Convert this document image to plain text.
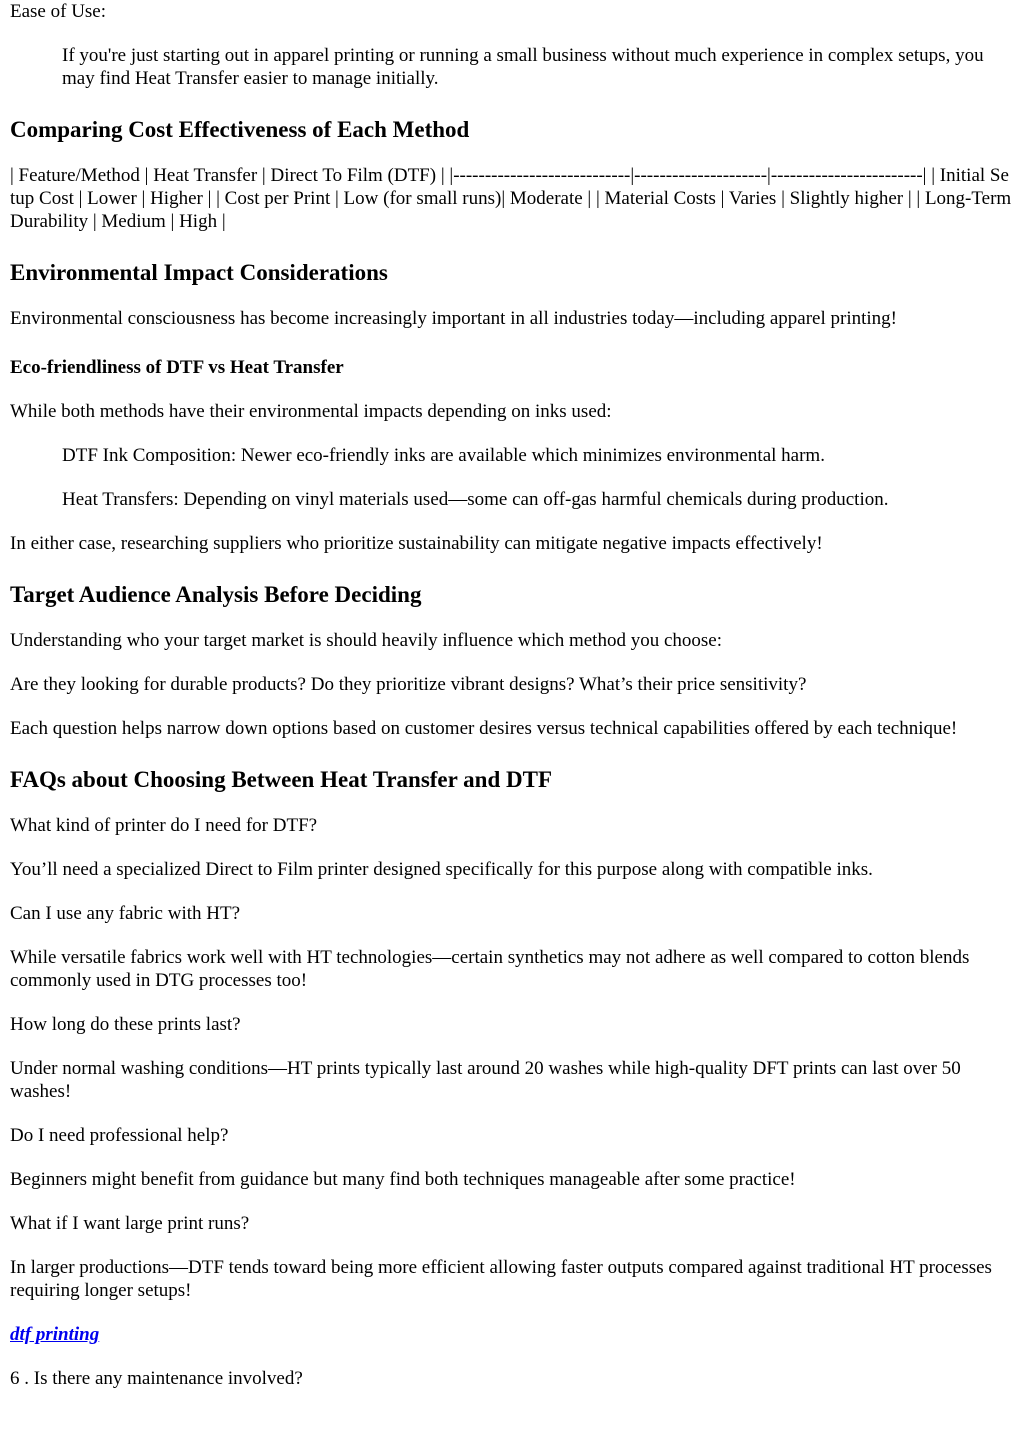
Ease of Use:

If you're just starting out in apparel printing or running a small business without much experience in complex setups, you may find Heat Transfer easier to manage initially.

Comparing Cost Effectiveness of Each Method

| Feature/Method | Heat Transfer | Direct To Film (DTF) | |----------------------------|---------------------|------------------------| | Initial Setup Cost | Lower | Higher | | Cost per Print | Low (for small runs)| Moderate | | Material Costs | Varies | Slightly higher | | Long-Term Durability | Medium | High |

Environmental Impact Considerations

Environmental consciousness has become increasingly important in all industries today—including apparel printing!

Eco-friendliness of DTF vs Heat Transfer

While both methods have their environmental impacts depending on inks used:

DTF Ink Composition: Newer eco-friendly inks are available which minimizes environmental harm.

Heat Transfers: Depending on vinyl materials used—some can off-gas harmful chemicals during production.

In either case, researching suppliers who prioritize sustainability can mitigate negative impacts effectively!

Target Audience Analysis Before Deciding

Understanding who your target market is should heavily influence which method you choose:

Are they looking for durable products? Do they prioritize vibrant designs? What’s their price sensitivity?

Each question helps narrow down options based on customer desires versus technical capabilities offered by each technique!

FAQs about Choosing Between Heat Transfer and DTF

What kind of printer do I need for DTF?

You’ll need a specialized Direct to Film printer designed specifically for this purpose along with compatible inks.

Can I use any fabric with HT?

While versatile fabrics work well with HT technologies—certain synthetics may not adhere as well compared to cotton blends commonly used in DTG processes too!

How long do these prints last?

Under normal washing conditions—HT prints typically last around 20 washes while high-quality DFT prints can last over 50 washes!

Do I need professional help?

Beginners might benefit from guidance but many find both techniques manageable after some practice!

What if I want large print runs?

In larger productions—DTF tends toward being more efficient allowing faster outputs compared against traditional HT processes requiring longer setups!

dtf printing

6 . Is there any maintenance involved?
